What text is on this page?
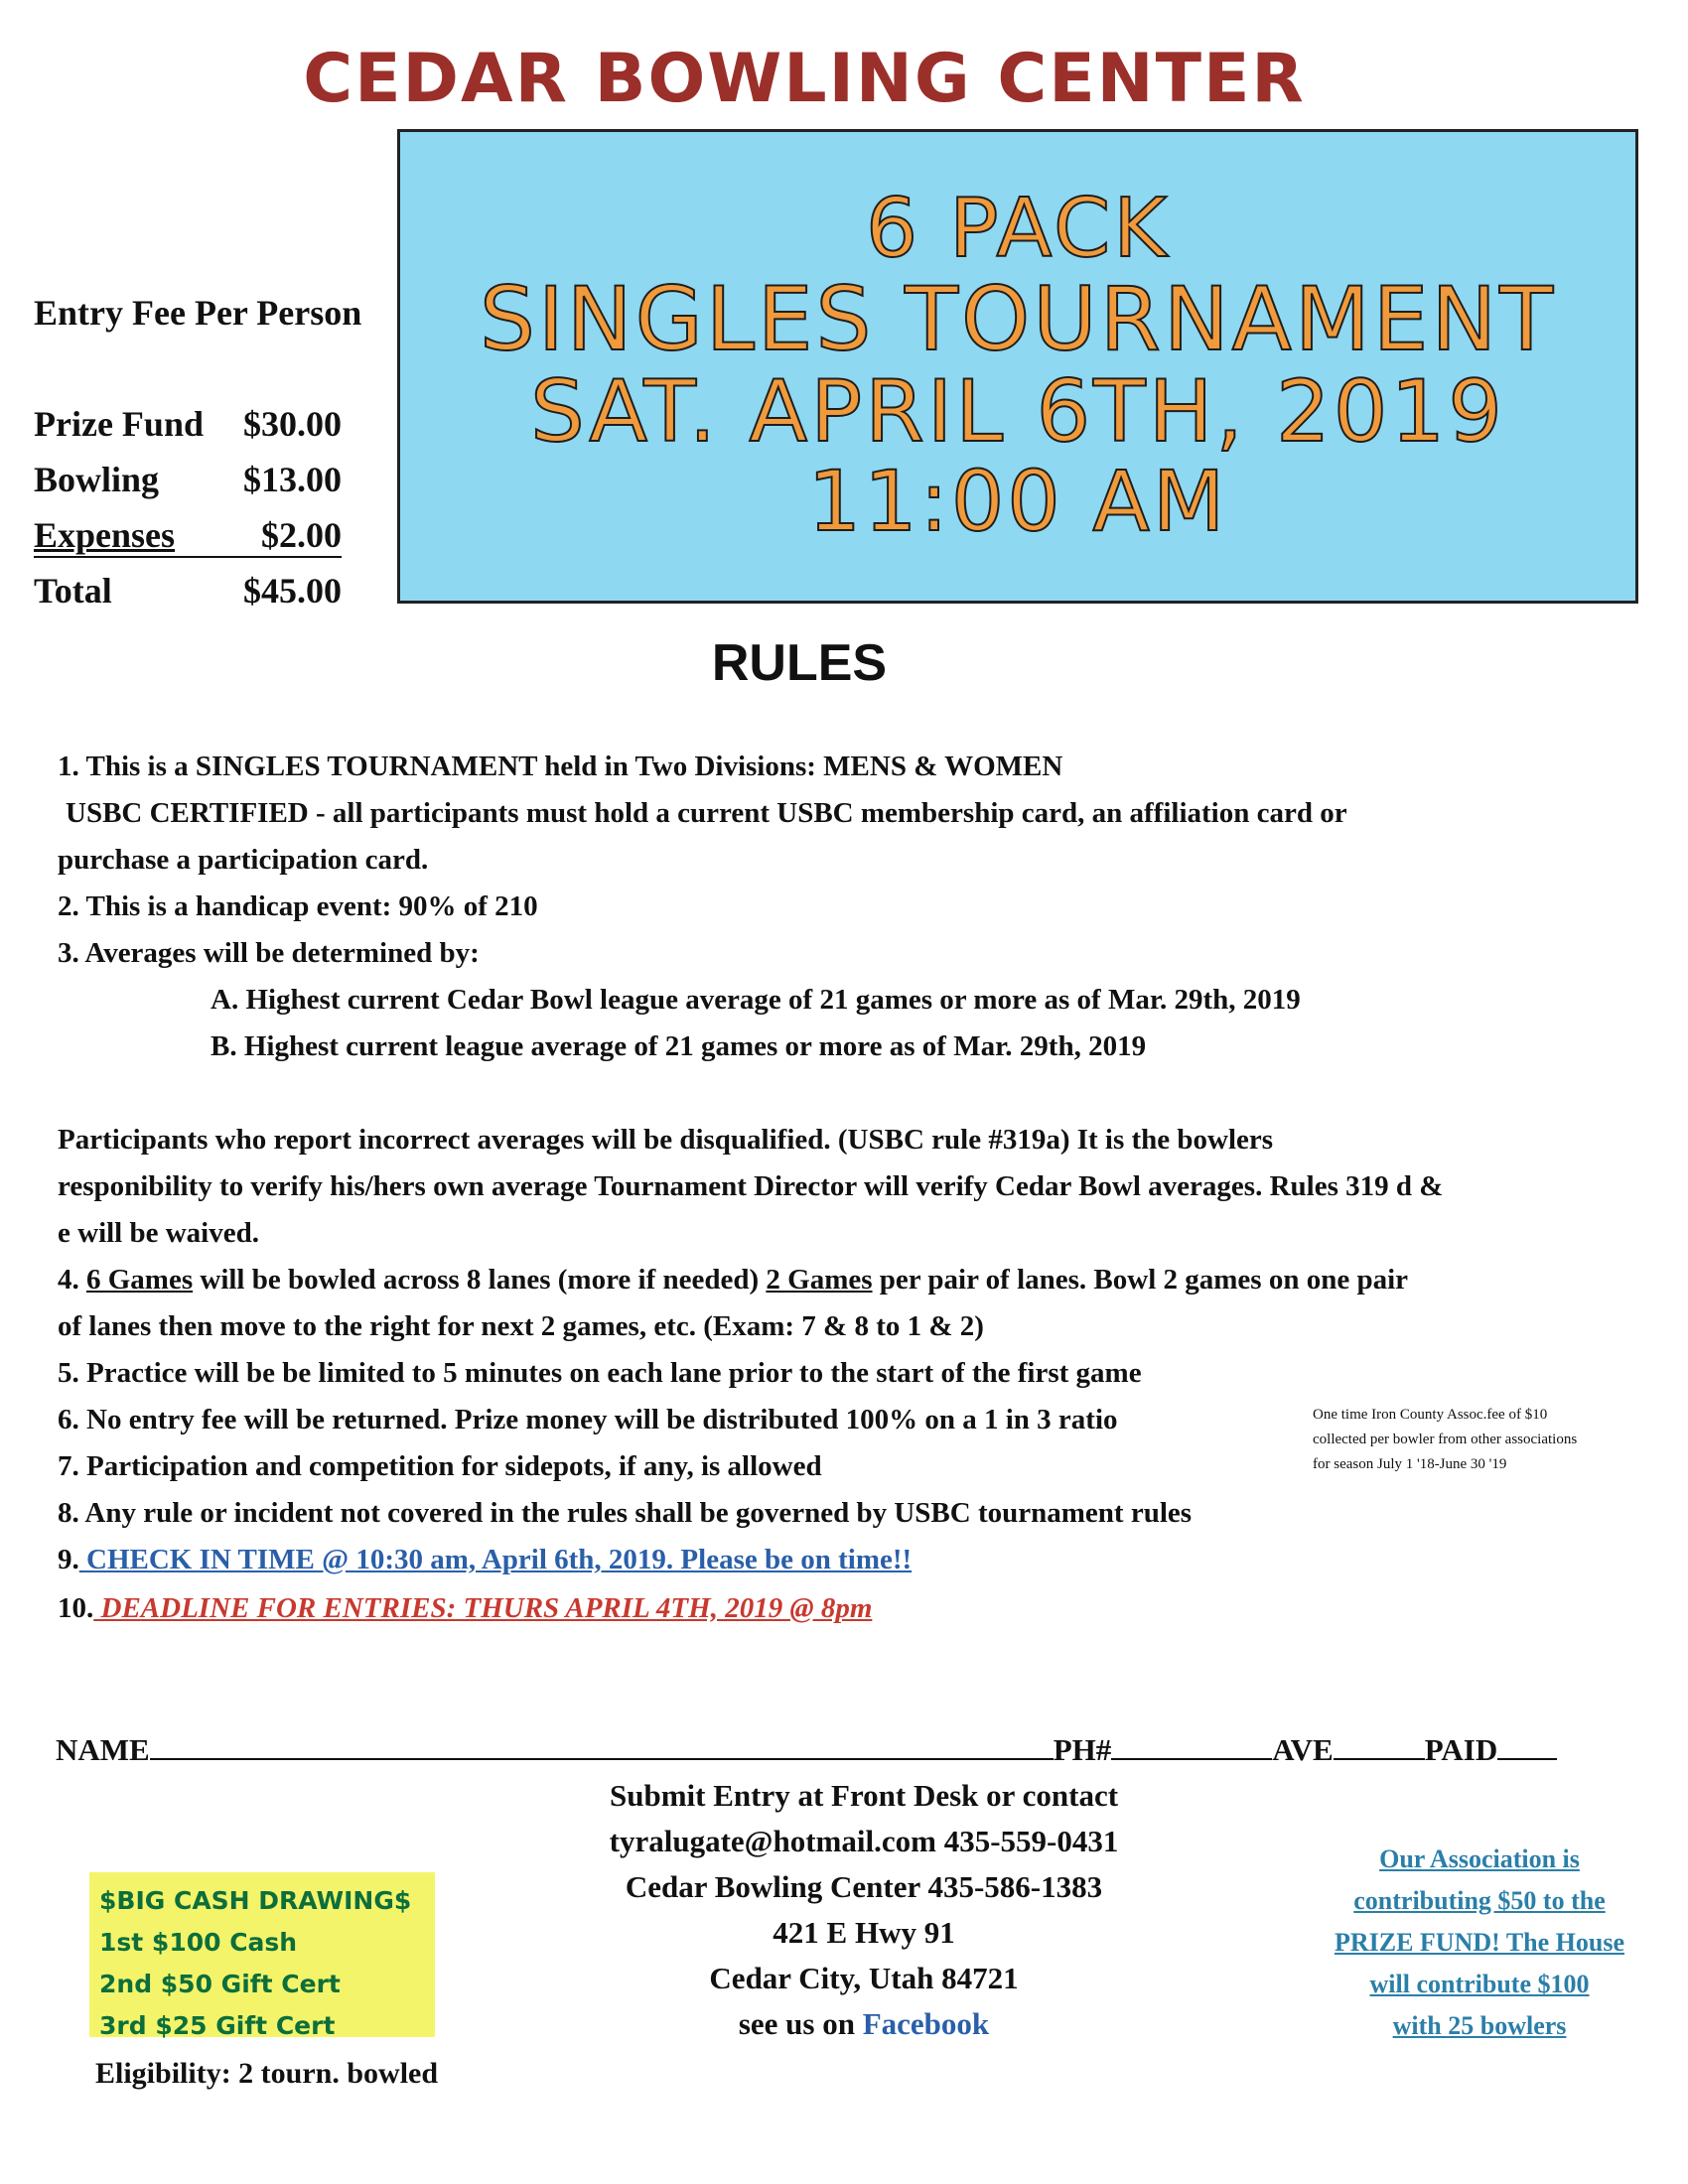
CEDAR BOWLING CENTER
6 PACK
SINGLES TOURNAMENT
SAT. APRIL 6TH, 2019
11:00 AM
Entry Fee Per Person
Prize Fund $30.00
Bowling $13.00
Expenses $2.00
Total	$45.00
RULES
1. This is a SINGLES TOURNAMENT held in Two Divisions: MENS & WOMEN
USBC CERTIFIED - all participants must hold a current USBC membership card, an affiliation card or
purchase a participation card.
2. This is a handicap event: 90% of 210
3. Averages will be determined by:
A. Highest current Cedar Bowl league average of 21 games or more as of Mar. 29th, 2019
B. Highest current league average of 21 games or more as of Mar. 29th, 2019
Participants who report incorrect averages will be disqualified. (USBC rule #319a) It is the bowlers
responibility to verify his/hers own average Tournament Director will verify Cedar Bowl averages. Rules 319 d &
e will be waived.
4. 6 Games will be bowled across 8 lanes (more if needed) 2 Games per pair of lanes. Bowl 2 games on one pair
of lanes then move to the right for next 2 games, etc. (Exam: 7 & 8 to 1 & 2)
5. Practice will be be limited to 5 minutes on each lane prior to the start of the first game
6. No entry fee will be returned. Prize money will be distributed 100% on a 1 in 3 ratio
7. Participation and competition for sidepots, if any, is allowed
8. Any rule or incident not covered in the rules shall be governed by USBC tournament rules
9. CHECK IN TIME @ 10:30 am, April 6th, 2019. Please be on time!!
10. DEADLINE FOR ENTRIES: THURS APRIL 4TH, 2019 @ 8pm
One time Iron County Assoc.fee of $10
collected per bowler from other associations
for season July 1 '18-June 30 '19
NAME	PH#	AVE	PAID
$BIG CASH DRAWING$
1st $100 Cash
2nd $50 Gift Cert
3rd $25 Gift Cert
Eligibility: 2 tourn. bowled
Submit Entry at Front Desk or contact
tyralugate@hotmail.com 435-559-0431
Cedar Bowling Center 435-586-1383
421 E Hwy 91
Cedar City, Utah 84721
see us on Facebook
Our Association is
contributing $50 to the
PRIZE FUND! The House
will contribute $100
with 25 bowlers
